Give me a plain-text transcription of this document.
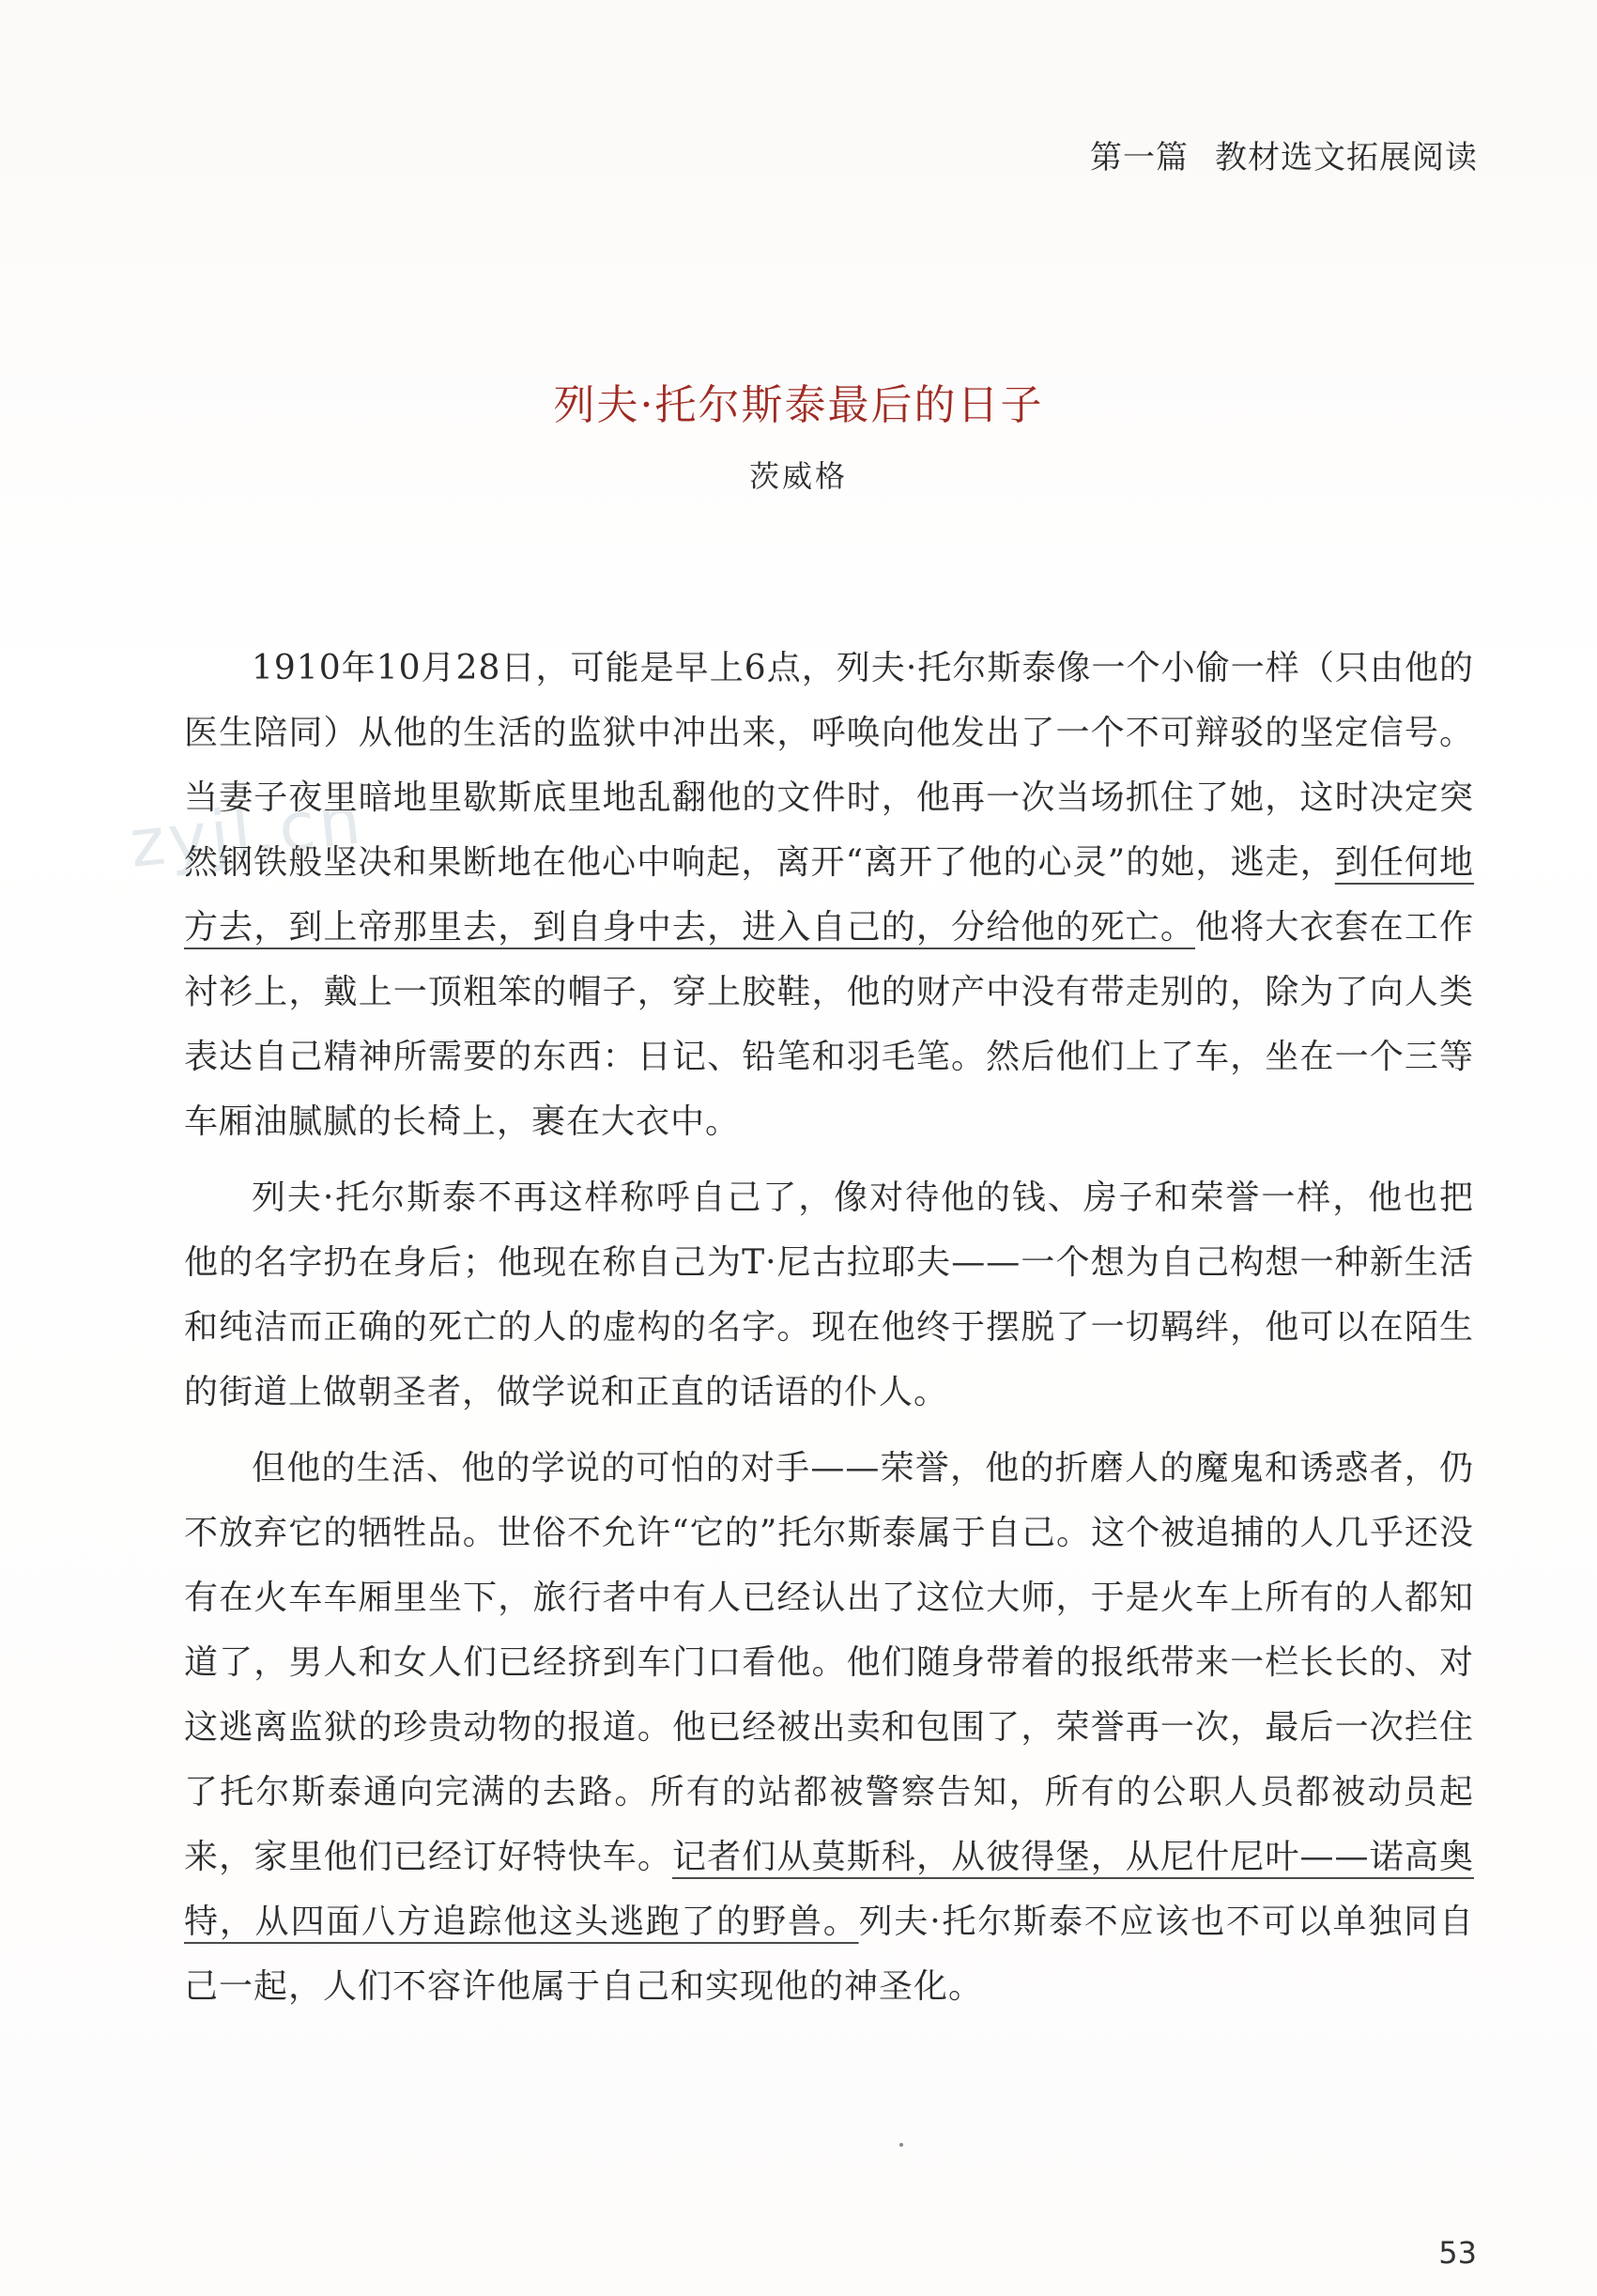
第一篇 教材选文拓展阅读
zyjl.cn
列夫·托尔斯泰最后的日子
茨威格

1910年10月28日，可能是早上6点，列夫·托尔斯泰像一个小偷一样（只由他的医生陪同）从他的生活的监狱中冲出来，呼唤向他发出了一个不可辩驳的坚定信号。当妻子夜里暗地里歇斯底里地乱翻他的文件时，他再一次当场抓住了她，这时决定突然钢铁般坚决和果断地在他心中响起，离开“离开了他的心灵”的她，逃走，到任何地方去，到上帝那里去，到自身中去，进入自己的，分给他的死亡。他将大衣套在工作衬衫上，戴上一顶粗笨的帽子，穿上胶鞋，他的财产中没有带走别的，除为了向人类表达自己精神所需要的东西：日记、铅笔和羽毛笔。然后他们上了车，坐在一个三等车厢油腻腻的长椅上，裹在大衣中。

列夫·托尔斯泰不再这样称呼自己了，像对待他的钱、房子和荣誉一样，他也把他的名字扔在身后；他现在称自己为T·尼古拉耶夫——一个想为自己构想一种新生活和纯洁而正确的死亡的人的虚构的名字。现在他终于摆脱了一切羁绊，他可以在陌生的街道上做朝圣者，做学说和正直的话语的仆人。

但他的生活、他的学说的可怕的对手——荣誉，他的折磨人的魔鬼和诱惑者，仍不放弃它的牺牲品。世俗不允许“它的”托尔斯泰属于自己。这个被追捕的人几乎还没有在火车车厢里坐下，旅行者中有人已经认出了这位大师，于是火车上所有的人都知道了，男人和女人们已经挤到车门口看他。他们随身带着的报纸带来一栏长长的、对这逃离监狱的珍贵动物的报道。他已经被出卖和包围了，荣誉再一次，最后一次拦住了托尔斯泰通向完满的去路。所有的站都被警察告知，所有的公职人员都被动员起来，家里他们已经订好特快车。记者们从莫斯科，从彼得堡，从尼什尼叶——诺高奥特，从四面八方追踪他这头逃跑了的野兽。列夫·托尔斯泰不应该也不可以单独同自己一起，人们不容许他属于自己和实现他的神圣化。

53
